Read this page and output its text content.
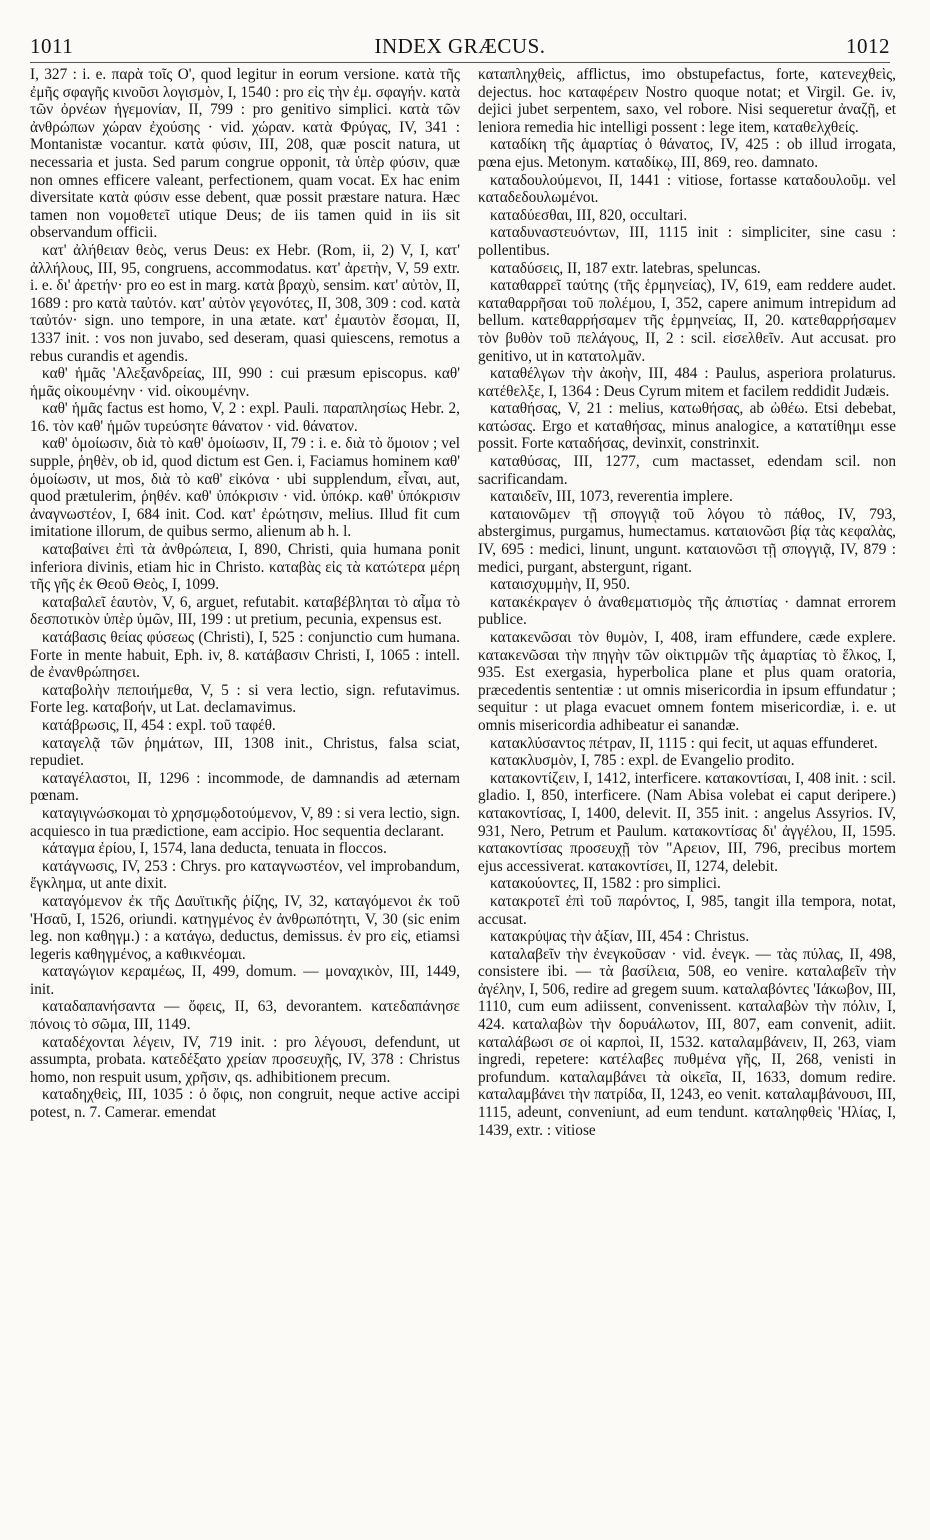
1011	INDEX GRÆCUS.	1012

I, 327 : i. e. παρὰ τοῖς Ο', quod legitur in eorum versione. κατὰ τῆς ἐμῆς σφαγῆς κινοῦσι λογισμὸν, I, 1540 : pro εἰς τὴν ἐμ. σφαγήν. κατὰ τῶν ὀρνέων ἡγεμονίαν, II, 799 : pro genitivo simplici. κατὰ τῶν ἀνθρώπων χώραν ἐχούσης · vid. χώραν. κατὰ Φρύγας, IV, 341 : Montanistæ vocantur. κατὰ φύσιν, III, 208, quæ poscit natura, ut necessaria et justa. Sed parum congrue opponit, τὰ ὑπὲρ φύσιν, quæ non omnes efficere valeant, perfectionem, quam vocat. Ex hac enim diversitate κατὰ φύσιν esse debent, quæ possit præstare natura. Hæc tamen non νομοθετεῖ utique Deus; de iis tamen quid in iis sit observandum officii.

κατ' ἀλήθειαν θεὸς, verus Deus: ex Hebr. (Rom, ii, 2) V, I, κατ' ἀλλήλους, III, 95, congruens, accommodatus. κατ' ἀρετὴν, V, 59 extr. i. e. δι' ἀρετήν· pro eo est in marg. κατὰ βραχὺ, sensim. κατ' αὐτὸν, II, 1689 : pro κατὰ ταὐτόν. κατ' αὐτὸν γεγονότες, II, 308, 309 : cod. κατὰ ταὐτόν· sign. uno tempore, in una ætate. κατ' ἐμαυτὸν ἔσομαι, II, 1337 init. : vos non juvabo, sed deseram, quasi quiescens, remotus a rebus curandis et agendis.

καθ' ἡμᾶς 'Αλεξανδρείας, III, 990 : cui præsum episcopus. καθ' ἡμᾶς οἰκουμένην · vid. οἰκουμένην.

καθ' ἡμᾶς factus est homo, V, 2 : expl. Pauli. παραπλησίως Hebr. 2, 16. τὸν καθ' ἡμῶν τυρεύσητε θάνατον · vid. θάνατον.

καθ' ὁμοίωσιν, διὰ τὸ καθ' ὁμοίωσιν, II, 79 : i. e. διὰ τὸ ὅμοιον ; vel supple, ῥηθὲν, ob id, quod dictum est Gen. i, Faciamus hominem καθ' ὁμοίωσιν, ut mos, διὰ τὸ καθ' εἰκόνα · ubi supplendum, εἶναι, aut, quod prætulerim, ῥηθέν. καθ' ὑπόκρισιν · vid. ὑπόκρ. καθ' ὑπόκρισιν ἀναγνωστέον, I, 684 init. Cod. κατ' ἐρώτησιν, melius. Illud fit cum imitatione illorum, de quibus sermo, alienum ab h. l.

καταβαίνει ἐπὶ τὰ ἀνθρώπεια, I, 890, Christi, quia humana ponit inferiora divinis, etiam hic in Christo. καταβὰς εἰς τὰ κατώτερα μέρη τῆς γῆς ἐκ Θεοῦ Θεὸς, I, 1099.

καταβαλεῖ ἑαυτὸν, V, 6, arguet, refutabit. καταβέβληται τὸ αἷμα τὸ δεσποτικὸν ὑπὲρ ὑμῶν, III, 199 : ut pretium, pecunia, expensus est.

κατάβασις θείας φύσεως (Christi), I, 525 : conjunctio cum humana. Forte in mente habuit, Eph. iv, 8. κατάβασιν Christi, I, 1065 : intell. de ἐνανθρώπησει.

καταβολὴν πεποιήμεθα, V, 5 : si vera lectio, sign. refutavimus. Forte leg. καταβοήν, ut Lat. declamavimus.

κατάβρωσις, II, 454 : expl. τοῦ ταφέθ.

καταγελᾷ τῶν ῥημάτων, III, 1308 init., Christus, falsa sciat, repudiet.

καταγέλαστοι, II, 1296 : incommode, de damnandis ad æternam pœnam.

καταγιγνώσκομαι τὸ χρησμῳδοτούμενον, V, 89 : si vera lectio, sign. acquiesco in tua prædictione, eam accipio. Hoc sequentia declarant.

κάταγμα ἐρίου, I, 1574, lana deducta, tenuata in floccos.

κατάγνωσις, IV, 253 : Chrys. pro καταγνωστέον, vel improbandum, ἔγκλημα, ut ante dixit.

καταγόμενον ἐκ τῆς Δαυϊτικῆς ῥίζης, IV, 32, καταγόμενοι ἐκ τοῦ 'Ησαῦ, I, 1526, oriundi. κατηγμένος ἐν ἀνθρωπότητι, V, 30 (sic enim leg. non καθηγμ.) : a κατάγω, deductus, demissus. ἐν pro εἰς, etiamsi legeris καθηγμένος, a καθικνέομαι.

καταγώγιον κεραμέως, II, 499, domum. — μοναχικὸν, III, 1449, init.

καταδαπανήσαντα — ὄφεις, II, 63, devorantem. κατεδαπάνησε πόνοις τὸ σῶμα, III, 1149.

καταδέχονται λέγειν, IV, 719 init. : pro λέγουσι, defendunt, ut assumpta, probata. κατεδέξατο χρείαν προσευχῆς, IV, 378 : Christus homo, non respuit usum, χρῆσιν, qs. adhibitionem precum.

καταδηχθεὶς, III, 1035 : ὁ ὄφις, non congruit, neque active accipi potest, n. 7. Camerar. emendat

καταπληχθεὶς, afflictus, imo obstupefactus, forte, κατενεχθεὶς, dejectus. hoc καταφέρειν Nostro quoque notat; et Virgil. Ge. iv, dejici jubet serpentem, saxo, vel robore. Nisi sequeretur ἀναζῇ, et leniora remedia hic intelligi possent : lege item, καταθελχθείς.

καταδίκη τῆς ἁμαρτίας ὁ θάνατος, IV, 425 : ob illud irrogata, pœna ejus. Metonym. καταδίκῳ, III, 869, reo. damnato.

καταδουλούμενοι, II, 1441 : vitiose, fortasse καταδουλοῦμ. vel καταδεδουλωμένοι.

καταδύεσθαι, III, 820, occultari.

καταδυναστευόντων, III, 1115 init : simpliciter, sine casu : pollentibus.

καταδύσεις, II, 187 extr. latebras, speluncas.

καταθαρρεῖ ταύτης (τῆς ἑρμηνείας), IV, 619, eam reddere audet. καταθαρρῆσαι τοῦ πολέμου, I, 352, capere animum intrepidum ad bellum. κατεθαρρήσαμεν τῆς ἑρμηνείας, II, 20. κατεθαρρήσαμεν τὸν βυθὸν τοῦ πελάγους, II, 2 : scil. εἰσελθεῖν. Aut accusat. pro genitivo, ut in κατατολμᾶν.

καταθέλγων τὴν ἀκοὴν, III, 484 : Paulus, asperiora prolaturus. κατέθελξε, I, 1364 : Deus Cyrum mitem et facilem reddidit Judæis.

καταθήσας, V, 21 : melius, κατωθήσας, ab ὠθέω. Etsi debebat, κατώσας. Ergo et καταθήσας, minus analogice, a κατατίθημι esse possit. Forte καταδήσας, devinxit, constrinxit.

καταθύσας, III, 1277, cum mactasset, edendam scil. non sacrificandam.

καταιδεῖν, III, 1073, reverentia implere.

καταιονῶμεν τῇ σπογγιᾷ τοῦ λόγου τὸ πάθος, IV, 793, abstergimus, purgamus, humectamus. καταιονῶσι βίᾳ τὰς κεφαλὰς, IV, 695 : medici, linunt, ungunt. καταιονῶσι τῇ σπογγιᾷ, IV, 879 : medici, purgant, abstergunt, rigant.

καταισχυμμὴν, II, 950.

κατακέκραγεν ὁ ἀναθεματισμὸς τῆς ἀπιστίας · damnat errorem publice.

κατακενῶσαι τὸν θυμὸν, I, 408, iram effundere, cæde explere. κατακενῶσαι τὴν πηγὴν τῶν οἰκτιρμῶν τῆς ἁμαρτίας τὸ ἕλκος, I, 935. Est exergasia, hyperbolica plane et plus quam oratoria, præcedentis sententiæ : ut omnis misericordia in ipsum effundatur ; sequitur : ut plaga evacuet omnem fontem misericordiæ, i. e. ut omnis misericordia adhibeatur ei sanandæ.

κατακλύσαντος πέτραν, II, 1115 : qui fecit, ut aquas effunderet.

κατακλυσμὸν, I, 785 : expl. de Evangelio prodito.

κατακοντίζειν, I, 1412, interficere. κατακοντίσαι, I, 408 init. : scil. gladio. I, 850, interficere. (Nam Abisa volebat ei caput deripere.) κατακοντίσας, I, 1400, delevit. II, 355 init. : angelus Assyrios. IV, 931, Nero, Petrum et Paulum. κατακοντίσας δι' ἀγγέλου, II, 1595. κατακοντίσας προσευχῇ τὸν "Αρειον, III, 796, precibus mortem ejus accessiverat. κατακοντίσει, II, 1274, delebit.

κατακούοντες, II, 1582 : pro simplici.

κατακροτεῖ ἐπὶ τοῦ παρόντος, I, 985, tangit illa tempora, notat, accusat.

κατακρύψας τὴν ἀξίαν, III, 454 : Christus.

καταλαβεῖν τὴν ἐνεγκοῦσαν · vid. ἐνεγκ. — τὰς πύλας, II, 498, consistere ibi. — τὰ βασίλεια, 508, eo venire. καταλαβεῖν τὴν ἀγέλην, I, 506, redire ad gregem suum. καταλαβόντες 'Ιάκωβον, III, 1110, cum eum adiissent, convenissent. καταλαβὼν τὴν πόλιν, I, 424. καταλαβὼν τὴν δορυάλωτον, III, 807, eam convenit, adiit. καταλάβωσι σε οἱ καρποὶ, II, 1532. καταλαμβάνειν, II, 263, viam ingredi, repetere: κατέλαβες πυθμένα γῆς, II, 268, venisti in profundum. καταλαμβάνει τὰ οἰκεῖα, II, 1633, domum redire. καταλαμβάνει τὴν πατρίδα, II, 1243, eo venit. καταλαμβάνουσι, III, 1115, adeunt, conveniunt, ad eum tendunt. καταληφθεὶς 'Ηλίας, I, 1439, extr. : vitiose
